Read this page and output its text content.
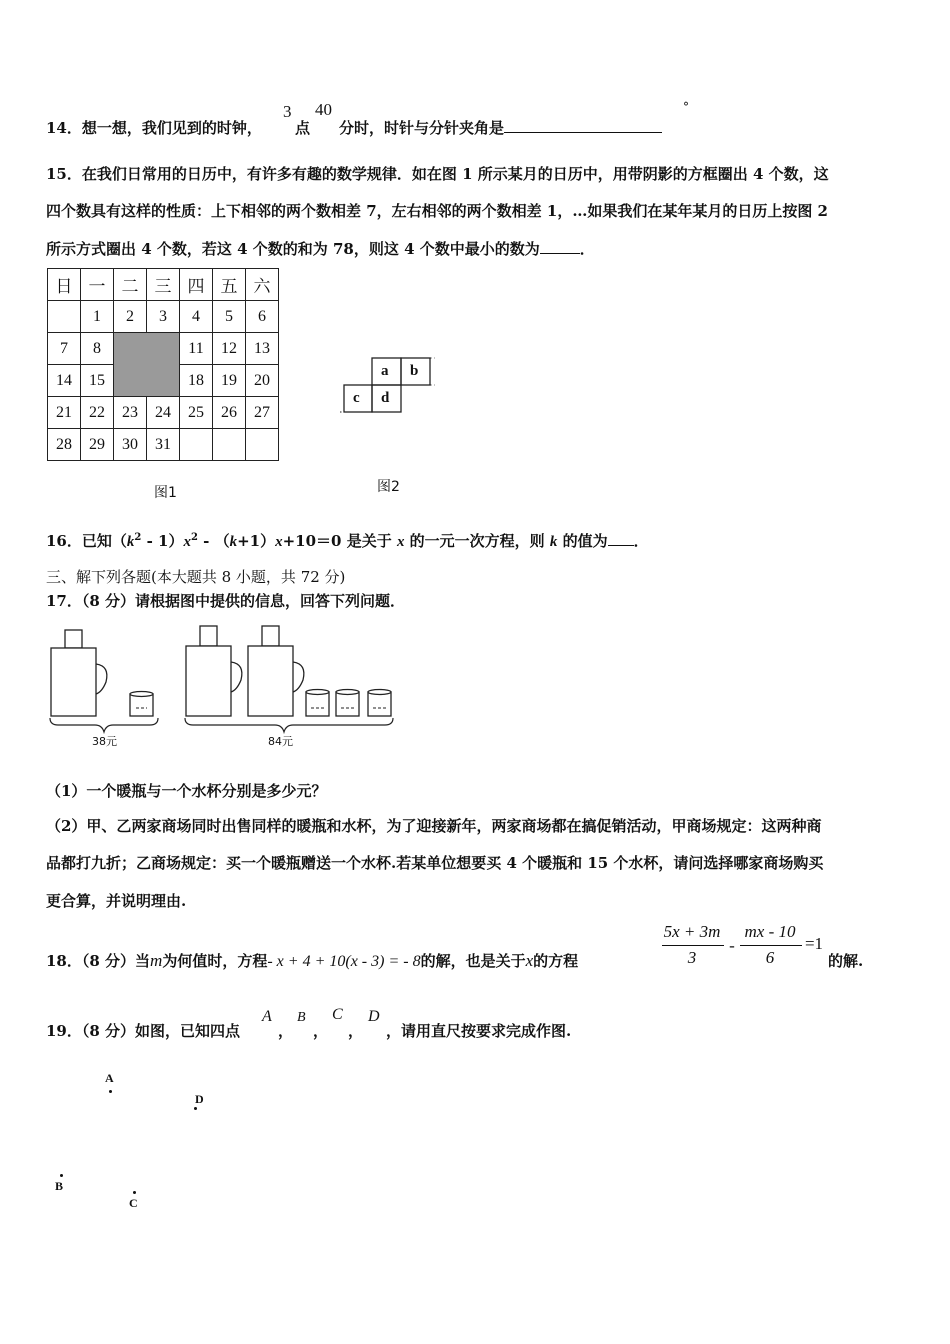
14．想一想，我们见到的时钟，
3
点
40
分时，时针与分针夹角是
°
15．在我们日常用的日历中，有许多有趣的数学规律．如在图 1 所示某月的日历中，用带阴影的方框圈出 4 个数，这
四个数具有这样的性质：上下相邻的两个数相差 7，左右相邻的两个数相差 1，…如果我们在某年某月的日历上按图 2
所示方式圈出 4 个数，若这 4 个数的和为 78，则这 4 个数中最小的数为	．
日	一	二	三	四	五	六
	1	2	3	4	5	6
7	8			11	12	13
14	15			18	19	20
21	22	23	24	25	26	27
28	29	30	31			
图1
a b
c d
图2
16．已知$(k^2 - 1)x^2 - (k+1)x+10=0$ 是关于 x 的一元一次方程，则 k 的值为 ．
三、解下列各题(本大题共 8 小题，共 72 分)
17．（8 分）请根据图中提供的信息，回答下列问题．
38元	84元
（1）一个暖瓶与一个水杯分别是多少元？
（2）甲、乙两家商场同时出售同样的暖瓶和水杯，为了迎接新年，两家商场都在搞促销活动，甲商场规定：这两种商
品都打九折；乙商场规定：买一个暖瓶赠送一个水杯.若某单位想要买 4 个暖瓶和 15 个水杯，请问选择哪家商场购买
更合算，并说明理由.
18．（8 分）当m为何值时，方程- x + 4 + 10(x - 3) = - 8的解，也是关于x的方程
5x + 3m
3
-
mx - 10
6
=1
的解.
19．（8 分）如图，已知四点
A
，
B
，
C
，
D
，请用直尺按要求完成作图.
A
D
B
C
